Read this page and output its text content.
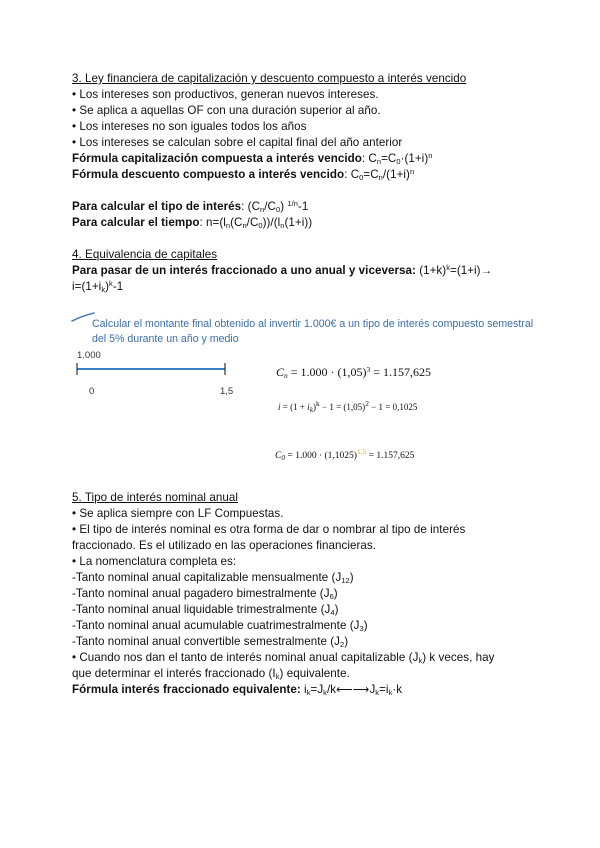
3. Ley financiera de capitalización y descuento compuesto a interés vencido
• Los intereses son productivos, generan nuevos intereses.
• Se aplica a aquellas OF con una duración superior al año.
• Los intereses no son iguales todos los años
• Los intereses se calculan sobre el capital final del año anterior
Fórmula capitalización compuesta a interés vencido: $C_n=C_0\cdot(1+i)^n$
Fórmula descuento compuesto a interés vencido: $C_0=C_n/(1+i)^n$
Para calcular el tipo de interés: $(C_n/C_0)$ $^{1/n}$-1
Para calcular el tiempo: $n=(l_n(C_n/C_0))/(l_n(1+i))$
4. Equivalencia de capitales
Para pasar de un interés fraccionado a uno anual y viceversa: $(1+k)^k=(1+i)\to$
$i=(1+i_k)^k-1$
Calcular el montante final obtenido al invertir 1.000€ a un tipo de interés compuesto semestral
del 5% durante un año y medio
1.000
0	1,5
$C_n = 1.000 \cdot (1,05)^3 = 1.157,625$
$i = (1 + i_k)^k - 1 = (1,05)^2 - 1 = 0,1025$
$C_0 = 1.000 \cdot (1,1025)^{1,5} = 1.157,625$
5. Tipo de interés nominal anual
• Se aplica siempre con LF Compuestas.
• El tipo de interés nominal es otra forma de dar o nombrar al tipo de interés
fraccionado. Es el utilizado en las operaciones financieras.
• La nomenclatura completa es:
-Tanto nominal anual capitalizable mensualmente $(J_{12})$
-Tanto nominal anual pagadero bimestralmente $(J_6)$
-Tanto nominal anual liquidable trimestralmente $(J_4)$
-Tanto nominal anual acumulable cuatrimestralmente $(J_3)$
-Tanto nominal anual convertible semestralmente $(J_2)$
• Cuando nos dan el tanto de interés nominal anual capitalizable $(J_k)$ k veces, hay
que determinar el interés fraccionado $(I_k)$ equivalente.
Fórmula interés fraccionado equivalente: $i_k=J_k/k⟵⟶J_k=i_k\cdot k$
